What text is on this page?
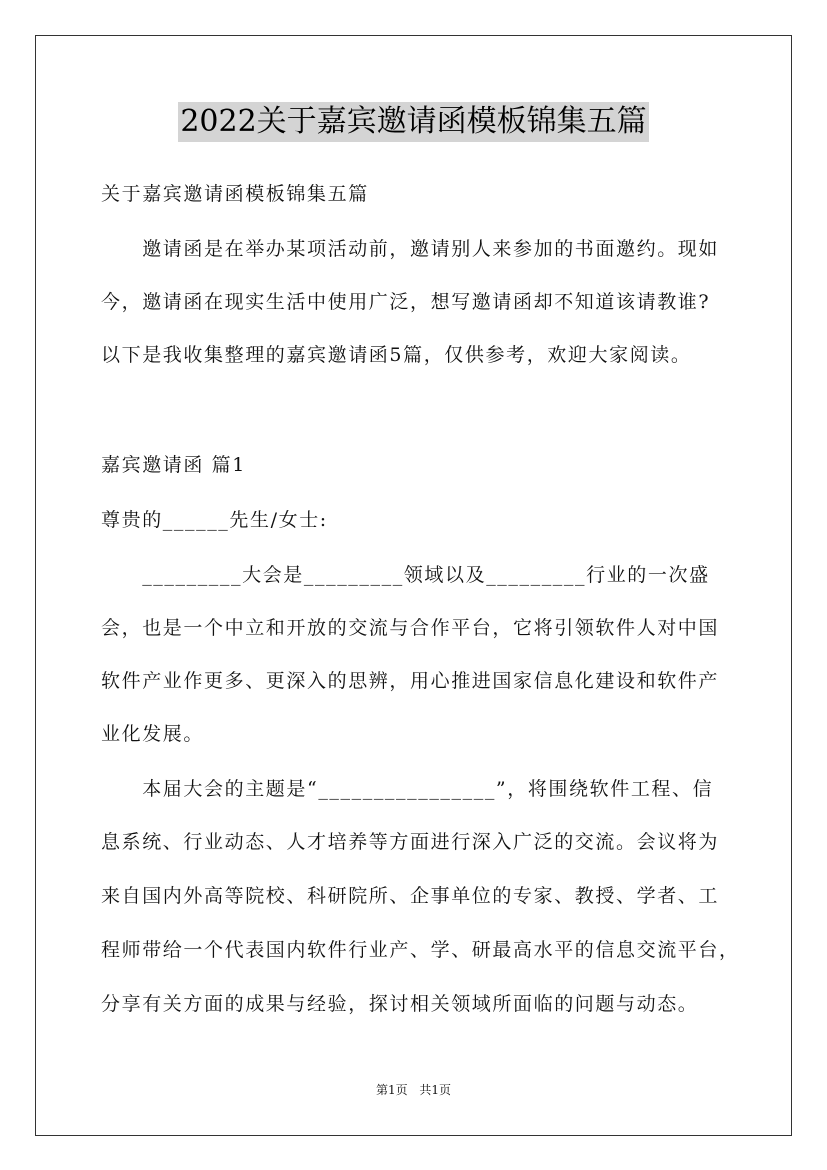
2022关于嘉宾邀请函模板锦集五篇
关于嘉宾邀请函模板锦集五篇
　　邀请函是在举办某项活动前，邀请别人来参加的书面邀约。现如
今，邀请函在现实生活中使用广泛，想写邀请函却不知道该请教谁?
以下是我收集整理的嘉宾邀请函5篇，仅供参考，欢迎大家阅读。
嘉宾邀请函 篇1
尊贵的______先生/女士:
　　_________大会是_________领域以及_________行业的一次盛
会，也是一个中立和开放的交流与合作平台，它将引领软件人对中国
软件产业作更多、更深入的思辨，用心推进国家信息化建设和软件产
业化发展。
　　本届大会的主题是“________________”，将围绕软件工程、信
息系统、行业动态、人才培养等方面进行深入广泛的交流。会议将为
来自国内外高等院校、科研院所、企事单位的专家、教授、学者、工
程师带给一个代表国内软件行业产、学、研最高水平的信息交流平台，
分享有关方面的成果与经验，探讨相关领域所面临的问题与动态。
第1页 共1页
